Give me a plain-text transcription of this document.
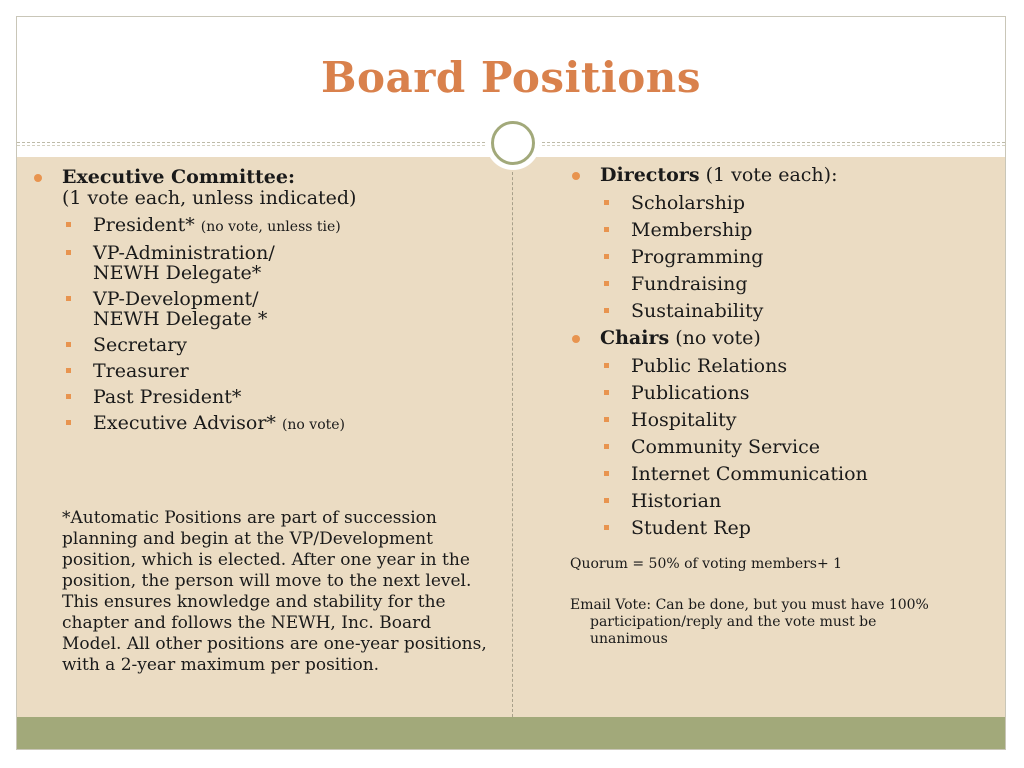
Board Positions
Executive Committee:
(1 vote each, unless indicated)
President* (no vote, unless tie)
VP-Administration/
NEWH Delegate*
VP-Development/
NEWH Delegate *
Secretary
Treasurer
Past President*
Executive Advisor* (no vote)
*Automatic Positions are part of succession planning and begin at the VP/Development position, which is elected. After one year in the position, the person will move to the next level. This ensures knowledge and stability for the chapter and follows the NEWH, Inc. Board Model. All other positions are one-year positions, with a 2-year maximum per position.
Directors (1 vote each):
Scholarship
Membership
Programming
Fundraising
Sustainability
Chairs (no vote)
Public Relations
Publications
Hospitality
Community Service
Internet Communication
Historian
Student Rep
Quorum = 50% of voting members+ 1
Email Vote: Can be done, but you must have 100%
participation/reply and the vote must be
unanimous
